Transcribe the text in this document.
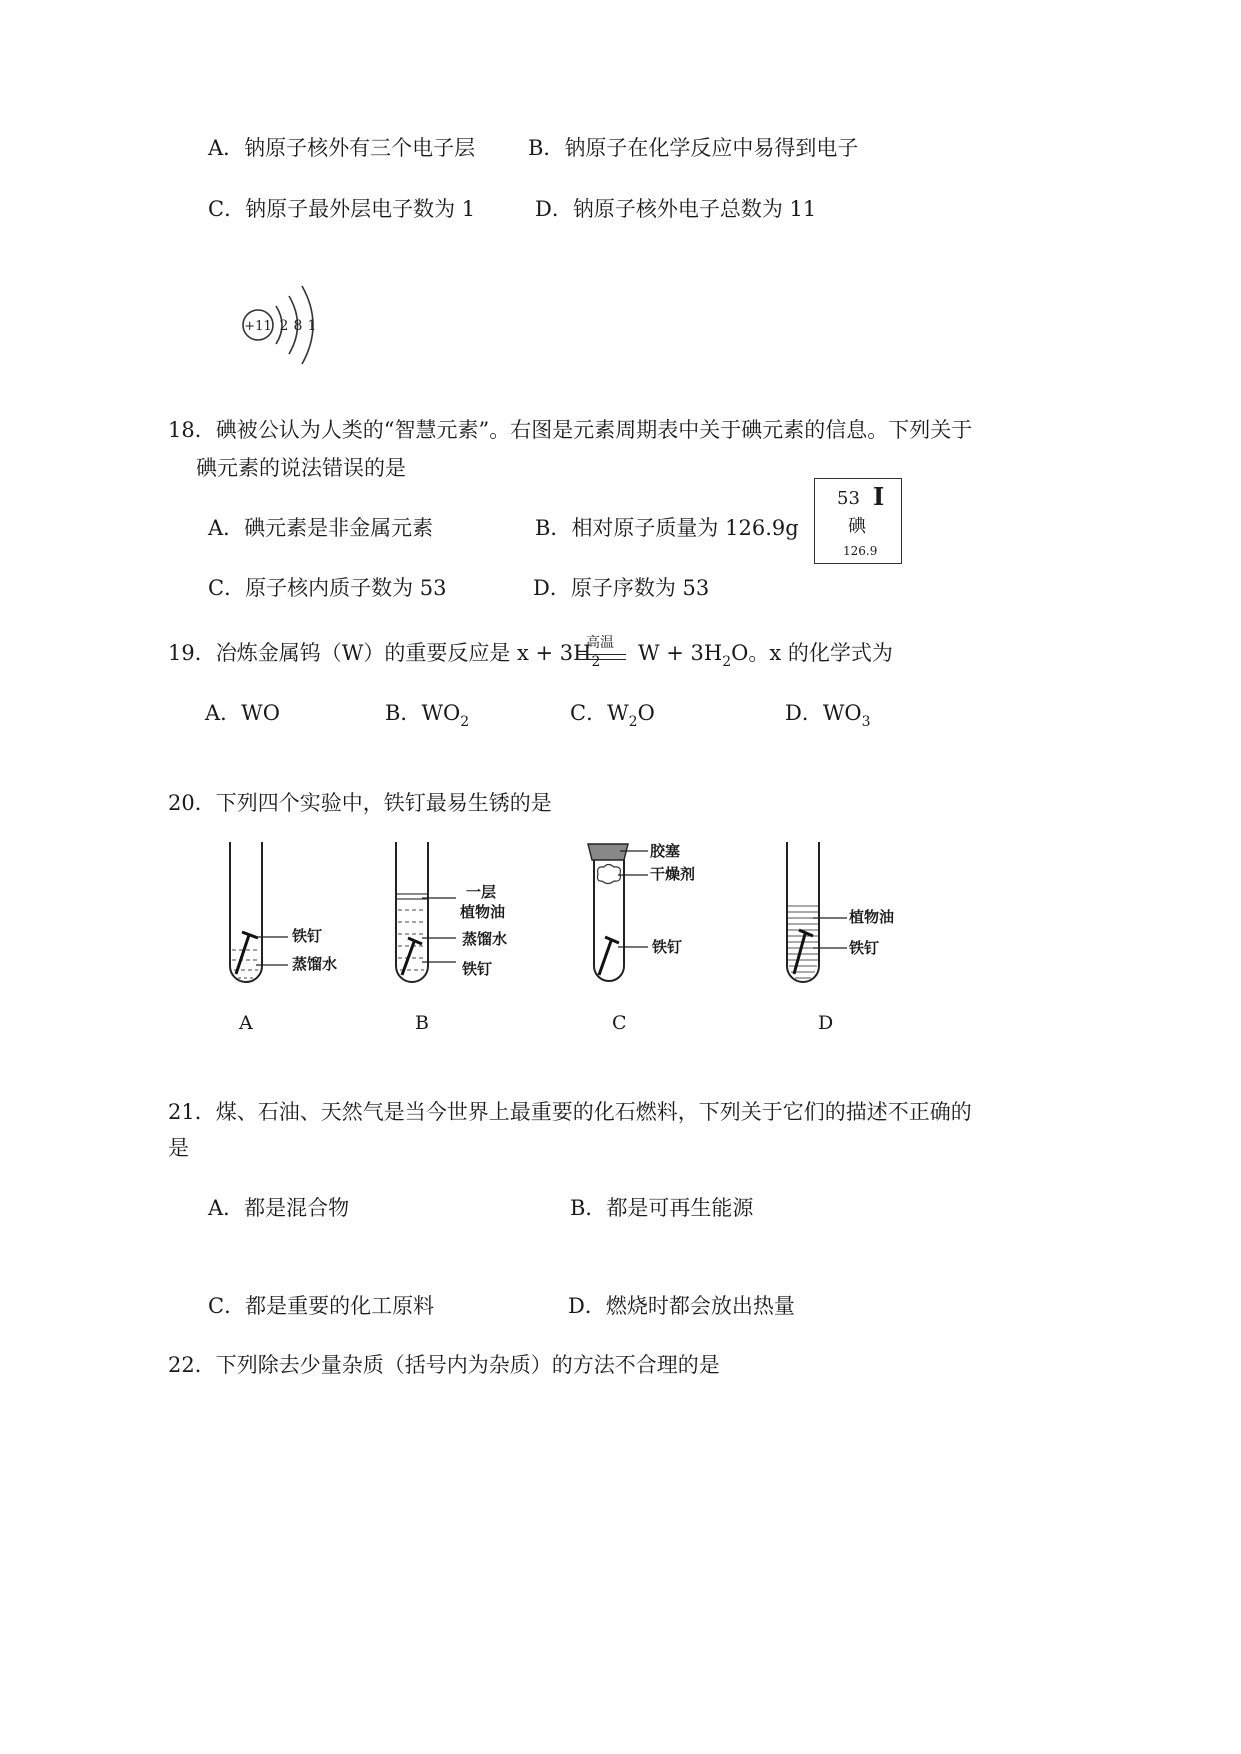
A．钠原子核外有三个电子层	B．钠原子在化学反应中易得到电子
C．钠原子最外层电子数为 1	D．钠原子核外电子总数为 11
+11 2 8 1
18．碘被公认为人类的“智慧元素”。右图是元素周期表中关于碘元素的信息。下列关于
碘元素的说法错误的是
A．碘元素是非金属元素	B．相对原子质量为 126.9g
C．原子核内质子数为 53	D．原子序数为 53
53 I
碘
126.9
19．冶炼金属钨（W）的重要反应是 $x + 3H_2$
高温 $W + 3H_2O$。x 的化学式为
A．WO	B．$WO_2$	C．$W_2O$	D．$WO_3$
20．下列四个实验中，铁钉最易生锈的是
铁钉
蒸馏水
A
一层
植物油
蒸馏水
铁钉
B
胶塞
干燥剂
铁钉
C
植物油
铁钉
D
21．煤、石油、天然气是当今世界上最重要的化石燃料，下列关于它们的描述不正确的
是
A．都是混合物	B．都是可再生能源
C．都是重要的化工原料	D．燃烧时都会放出热量
22．下列除去少量杂质（括号内为杂质）的方法不合理的是
